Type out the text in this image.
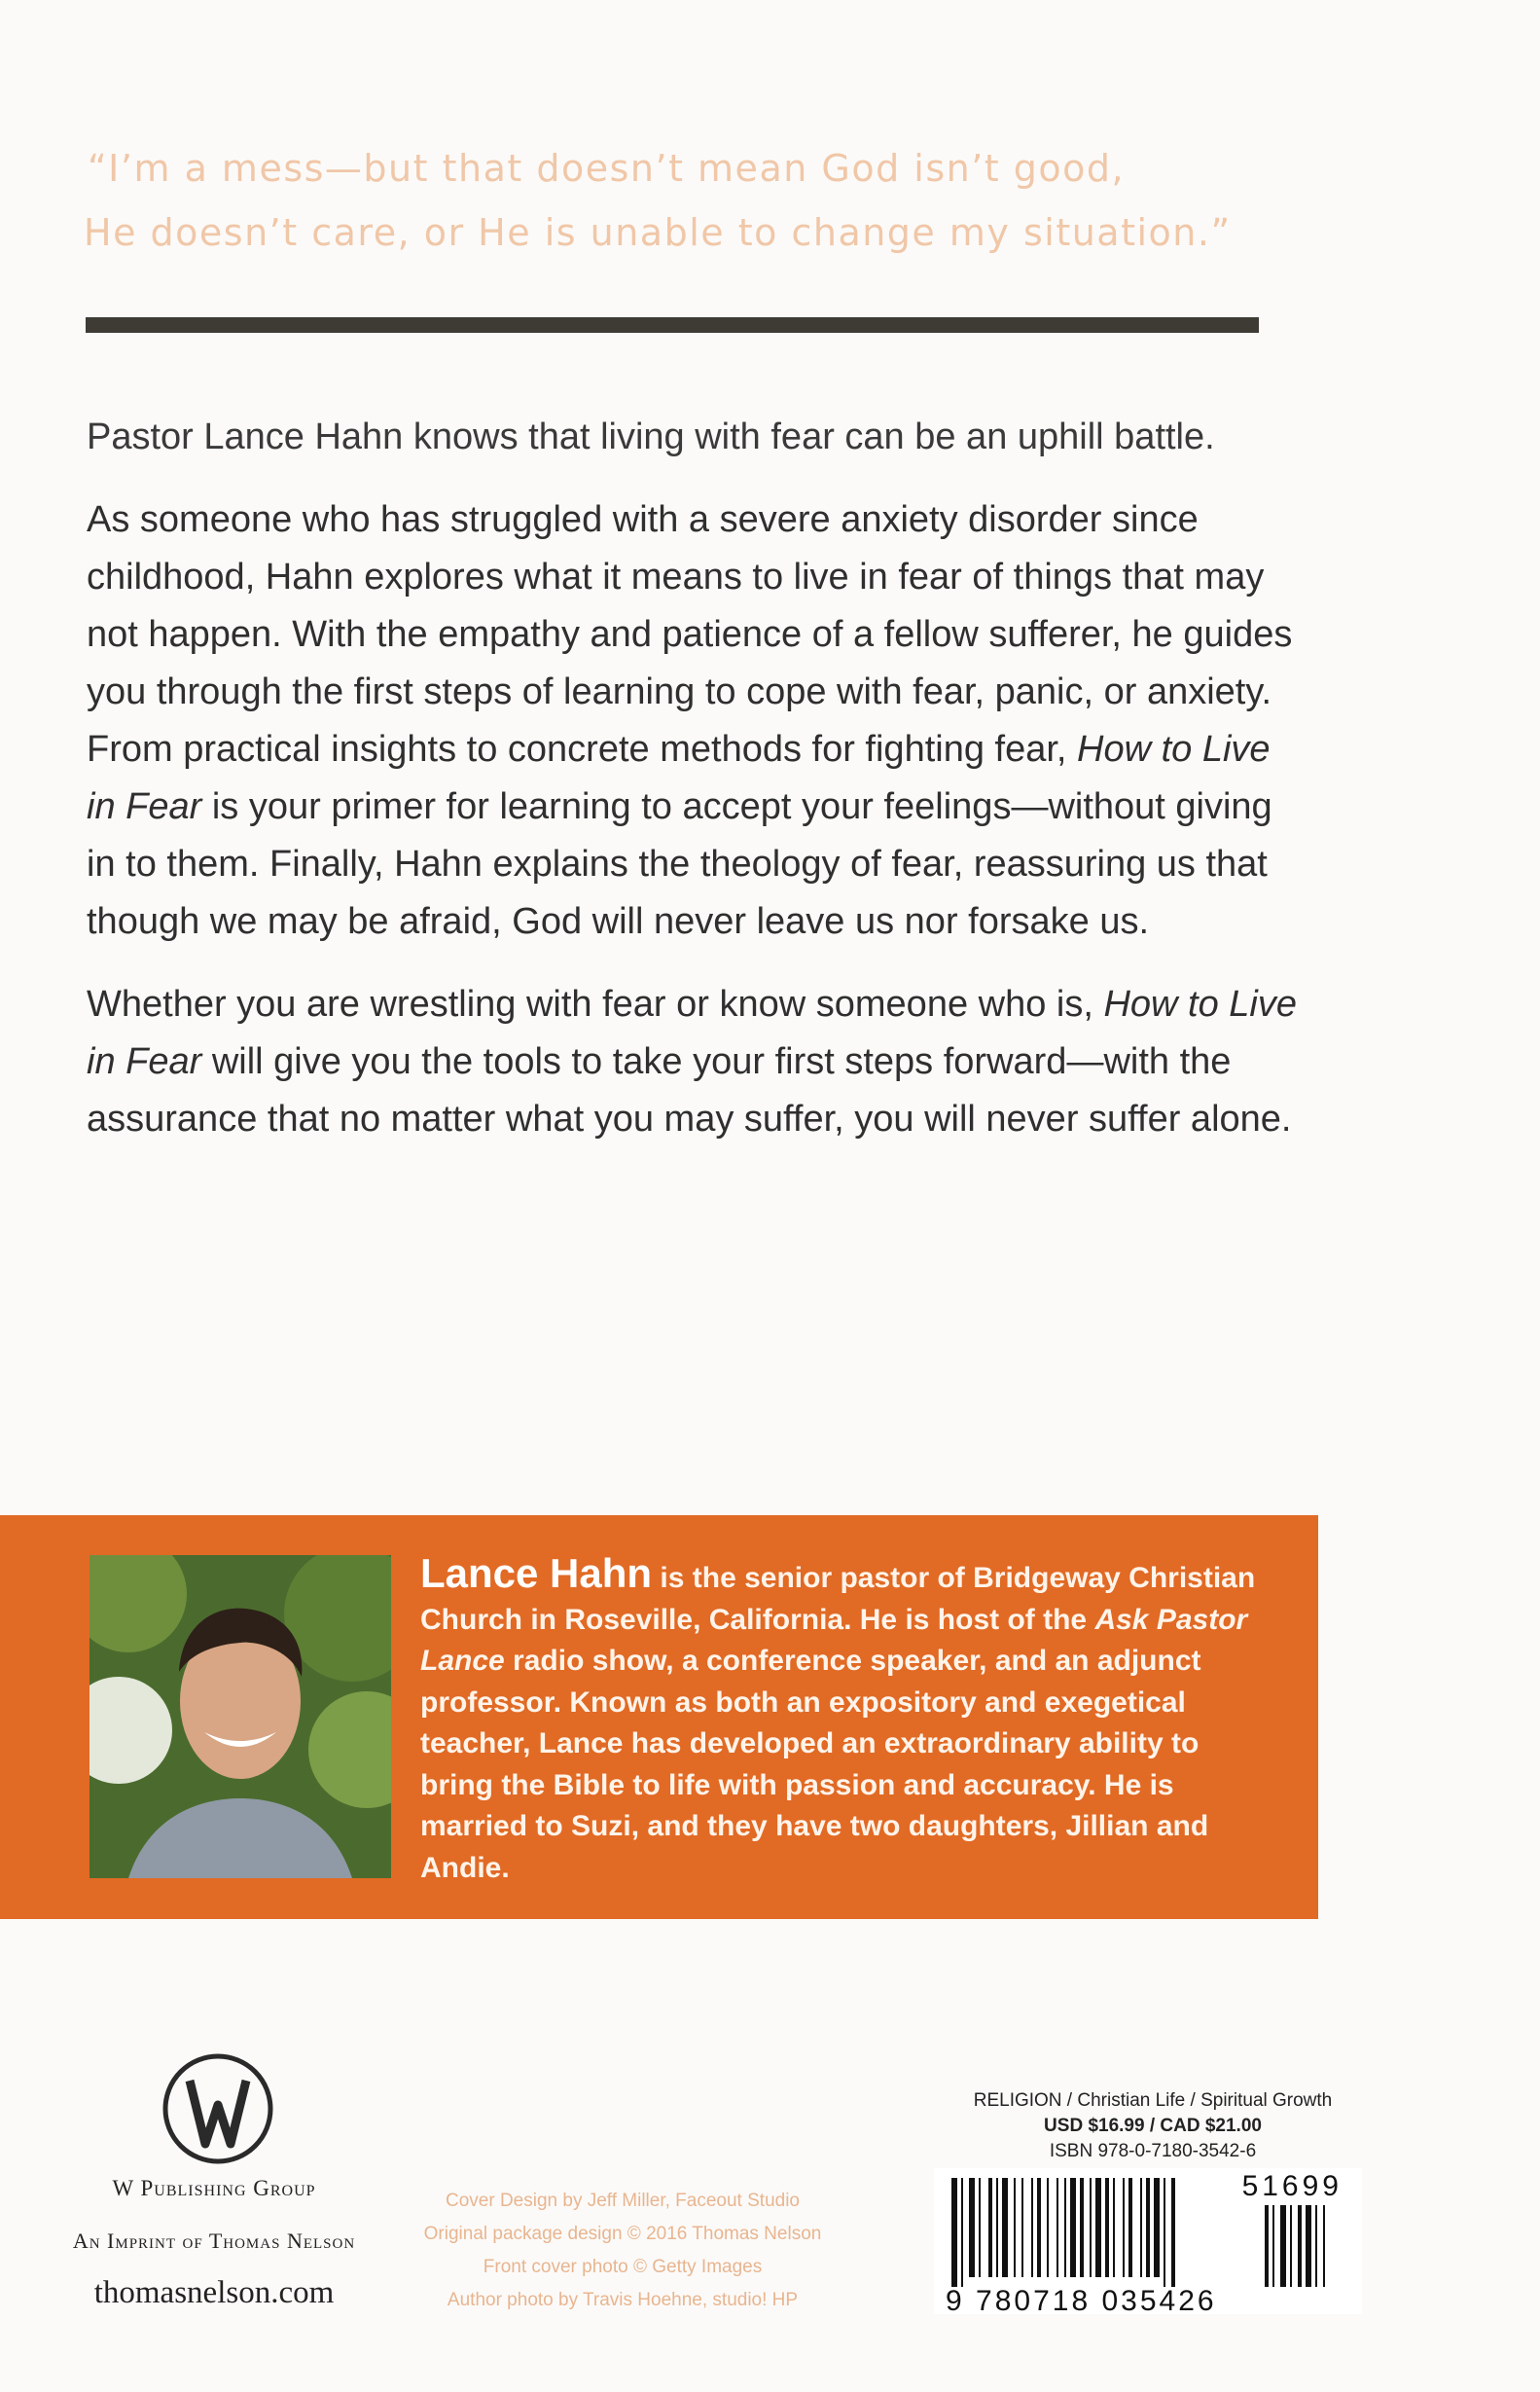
“I’m a mess—but that doesn’t mean God isn’t good,
He doesn’t care, or He is unable to change my situation.”

Pastor Lance Hahn knows that living with fear can be an uphill battle.

As someone who has struggled with a severe anxiety disorder since childhood, Hahn explores what it means to live in fear of things that may not happen. With the empathy and patience of a fellow sufferer, he guides you through the first steps of learning to cope with fear, panic, or anxiety. From practical insights to concrete methods for fighting fear, How to Live in Fear is your primer for learning to accept your feelings—without giving in to them. Finally, Hahn explains the theology of fear, reassuring us that though we may be afraid, God will never leave us nor forsake us.

Whether you are wrestling with fear or know someone who is, How to Live in Fear will give you the tools to take your first steps forward—with the assurance that no matter what you may suffer, you will never suffer alone.

Lance Hahn is the senior pastor of Bridgeway Christian Church in Roseville, California. He is host of the Ask Pastor Lance radio show, a conference speaker, and an adjunct professor. Known as both an expository and exegetical teacher, Lance has developed an extraordinary ability to bring the Bible to life with passion and accuracy. He is married to Suzi, and they have two daughters, Jillian and Andie.
W Publishing Group
An Imprint of Thomas Nelson
thomasnelson.com
Cover Design by Jeff Miller, Faceout Studio
Original package design © 2016 Thomas Nelson
Front cover photo © Getty Images
Author photo by Travis Hoehne, studio! HP
RELIGION / Christian Life / Spiritual Growth
USD $16.99 / CAD $21.00
ISBN 978-0-7180-3542-6
51699
9 780718 035426
